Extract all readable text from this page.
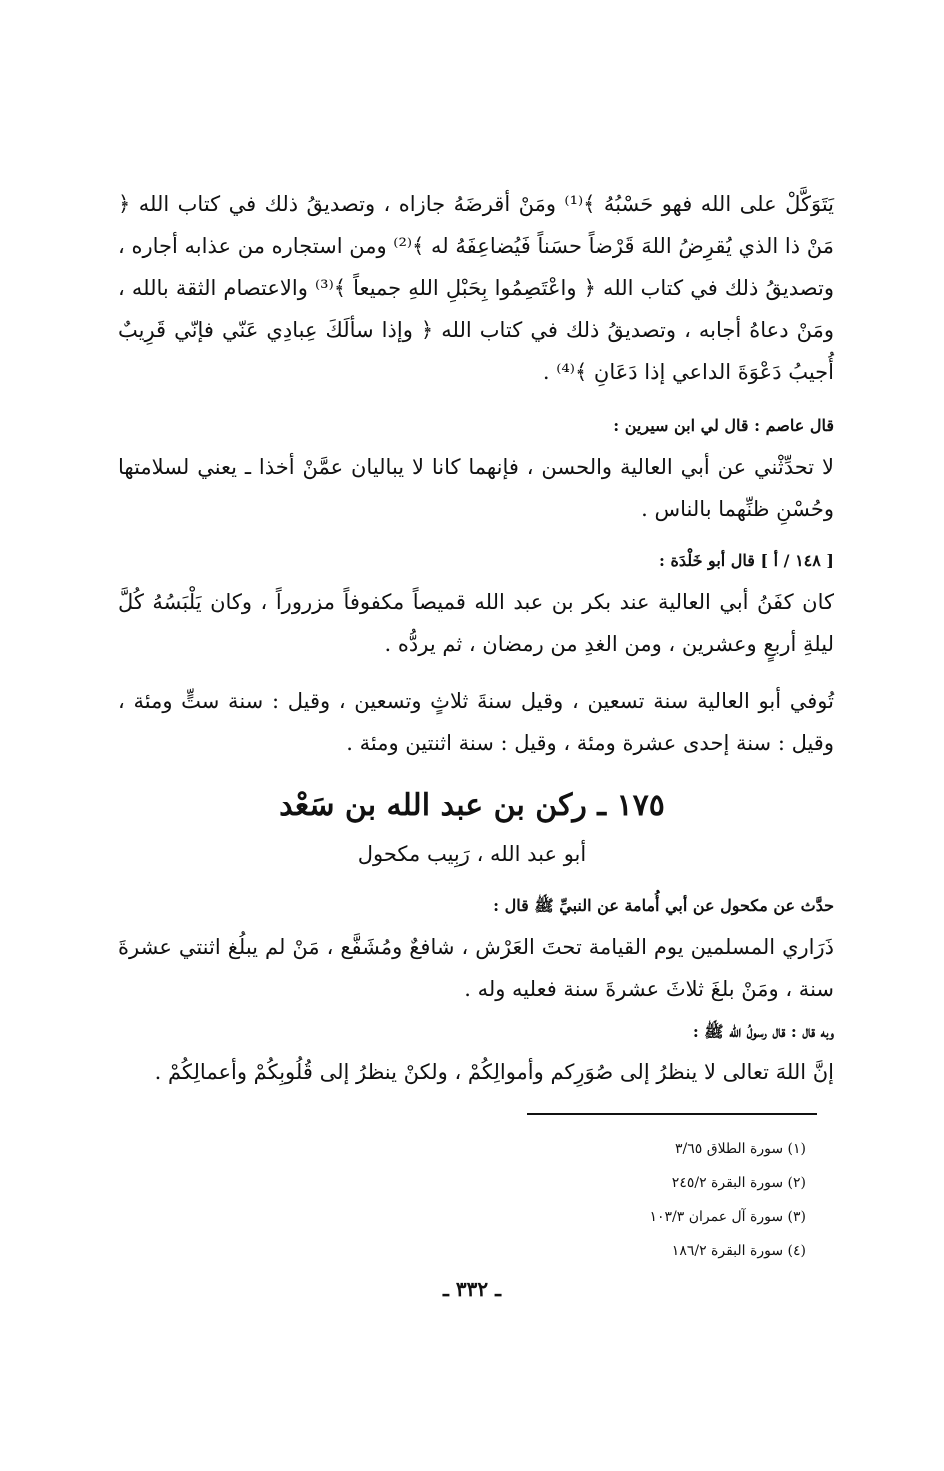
يَتَوَكَّلْ على الله فهو حَسْبُهُ ﴾⁽¹⁾ ومَنْ أقرضَهُ جازاه ، وتصديقُ ذلك في كتاب الله ﴿ مَنْ ذا الذي يُقرِضُ اللهَ قَرْضاً حسَناً فَيُضاعِفَهُ له ﴾⁽²⁾ ومن استجاره من عذابه أجاره ، وتصديقُ ذلك في كتاب الله ﴿ واعْتَصِمُوا بِحَبْلِ اللهِ جميعاً ﴾⁽³⁾ والاعتصام الثقة بالله ، ومَنْ دعاهُ أجابه ، وتصديقُ ذلك في كتاب الله ﴿ وإذا سألَكَ عِبادِي عَنّي فإنّي قَرِيبٌ أُجيبُ دَعْوَةَ الداعي إذا دَعَانِ ﴾⁽⁴⁾ .
قال عاصم : قال لي ابن سيرين :
لا تحدِّثْني عن أبي العالية والحسن ، فإنهما كانا لا يباليان عمَّنْ أخذا ـ يعني لسلامتها وحُسْنِ ظنِّهما بالناس .
[ ١٤٨ / أ ] قال أبو خَلْدَة :
كان كفَنُ أبي العالية عند بكر بن عبد الله قميصاً مكفوفاً مزروراً ، وكان يَلْبَسُهُ كُلَّ ليلةِ أربعٍ وعشرين ، ومن الغدِ من رمضان ، ثم يردُّه .
تُوفي أبو العالية سنة تسعين ، وقيل سنةَ ثلاثٍ وتسعين ، وقيل : سنة ستٍّ ومئة ، وقيل : سنة إحدى عشرة ومئة ، وقيل : سنة اثنتين ومئة .
١٧٥ ـ ركن بن عبد الله بن سَعْد
أبو عبد الله ، رَبِيب مكحول
حدَّث عن مكحول عن أبي أُمامة عن النبيِّ ﷺ قال :
ذَرَاري المسلمين يوم القيامة تحتَ العَرْش ، شافعٌ ومُشَفَّع ، مَنْ لم يبلُغ اثنتي عشرةَ سنة ، ومَنْ بلغَ ثلاثَ عشرةَ سنة فعليه وله .
وبه قال : قال رسولُ الله ﷺ :
إنَّ اللهَ تعالى لا ينظرُ إلى صُوَرِكم وأموالِكُمْ ، ولكنْ ينظرُ إلى قُلُوبِكُمْ وأعمالِكُمْ .
(١) سورة الطلاق ٣/٦٥
(٢) سورة البقرة ٢٤٥/٢
(٣) سورة آل عمران ١٠٣/٣
(٤) سورة البقرة ١٨٦/٢
ـ ٣٣٢ ـ
